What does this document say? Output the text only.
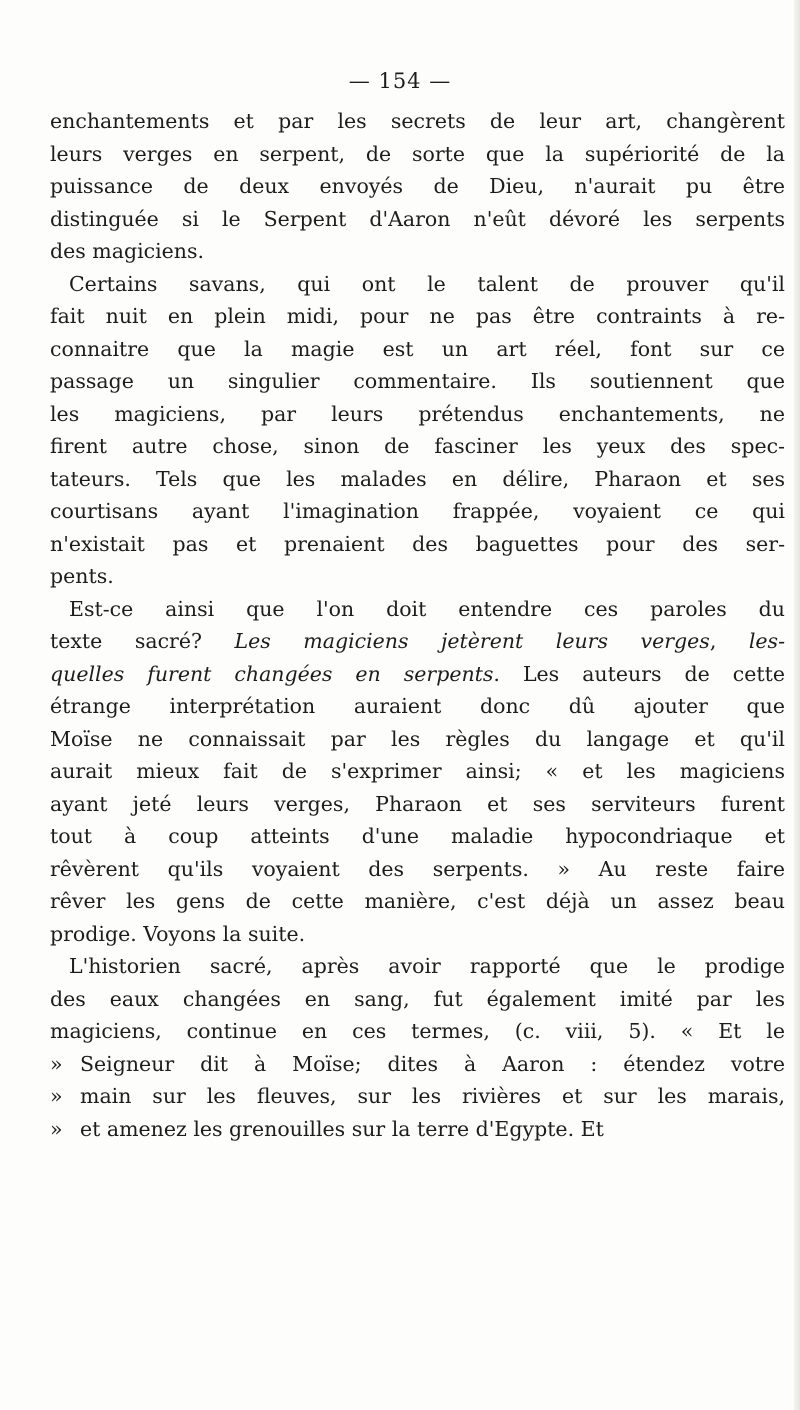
— 154 —
enchantements et par les secrets de leur art, changèrent
leurs verges en serpent, de sorte que la supériorité de la
puissance de deux envoyés de Dieu, n'aurait pu être
distinguée si le Serpent d'Aaron n'eût dévoré les serpents
des magiciens.
Certains savans, qui ont le talent de prouver qu'il
fait nuit en plein midi, pour ne pas être contraints à re-
connaitre que la magie est un art réel, font sur ce
passage un singulier commentaire. Ils soutiennent que
les magiciens, par leurs prétendus enchantements, ne
firent autre chose, sinon de fasciner les yeux des spec-
tateurs. Tels que les malades en délire, Pharaon et ses
courtisans ayant l'imagination frappée, voyaient ce qui
n'existait pas et prenaient des baguettes pour des ser-
pents.
Est-ce ainsi que l'on doit entendre ces paroles du
texte sacré? Les magiciens jetèrent leurs verges, les-
quelles furent changées en serpents. Les auteurs de cette
étrange interprétation auraient donc dû ajouter que
Moïse ne connaissait par les règles du langage et qu'il
aurait mieux fait de s'exprimer ainsi; « et les magiciens
ayant jeté leurs verges, Pharaon et ses serviteurs furent
tout à coup atteints d'une maladie hypocondriaque et
rêvèrent qu'ils voyaient des serpents. » Au reste faire
rêver les gens de cette manière, c'est déjà un assez beau
prodige. Voyons la suite.
L'historien sacré, après avoir rapporté que le prodige
des eaux changées en sang, fut également imité par les
magiciens, continue en ces termes, (c. viii, 5). « Et le
» Seigneur dit à Moïse; dites à Aaron : étendez votre
» main sur les fleuves, sur les rivières et sur les marais,
» et amenez les grenouilles sur la terre d'Egypte. Et
